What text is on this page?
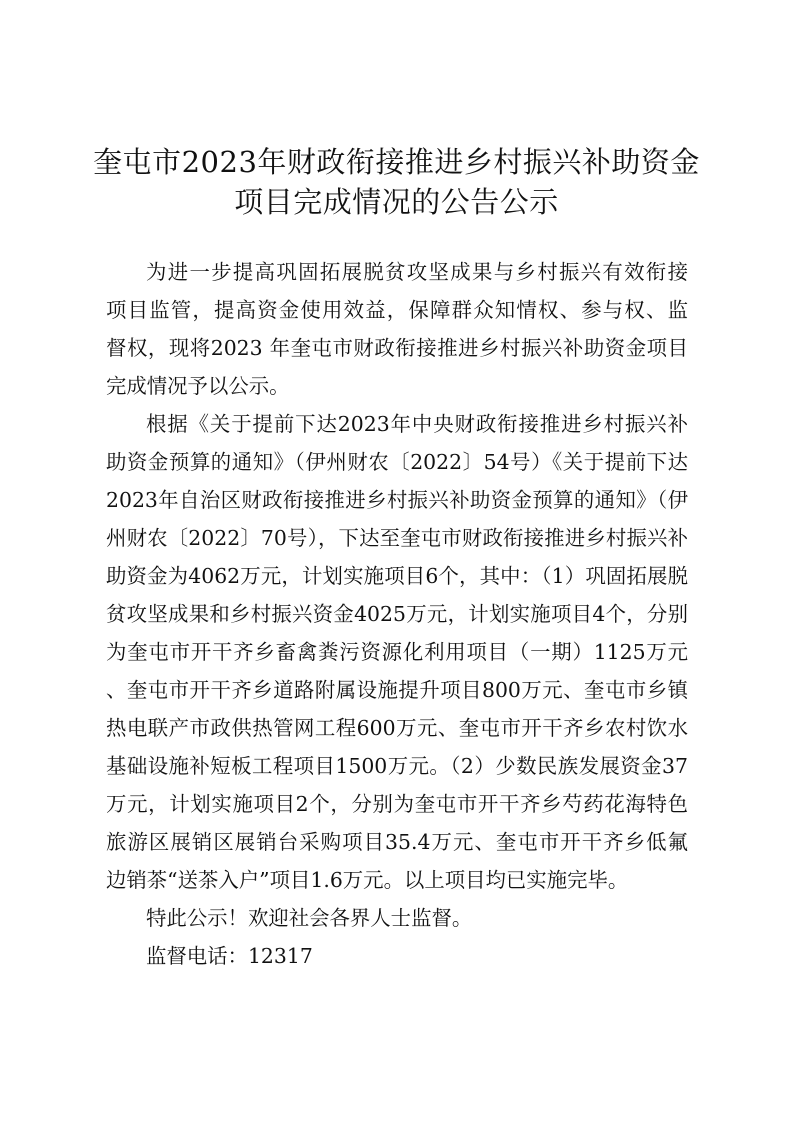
奎屯市2023年财政衔接推进乡村振兴补助资金
项目完成情况的公告公示
为进一步提高巩固拓展脱贫攻坚成果与乡村振兴有效衔接
项目监管，提高资金使用效益，保障群众知情权、参与权、监
督权，现将2023 年奎屯市财政衔接推进乡村振兴补助资金项目
完成情况予以公示。
根据《关于提前下达2023年中央财政衔接推进乡村振兴补
助资金预算的通知》（伊州财农〔2022〕54号）《关于提前下达
2023年自治区财政衔接推进乡村振兴补助资金预算的通知》（伊
州财农〔2022〕70号），下达至奎屯市财政衔接推进乡村振兴补
助资金为4062万元，计划实施项目6个，其中：（1）巩固拓展脱
贫攻坚成果和乡村振兴资金4025万元，计划实施项目4个，分别
为奎屯市开干齐乡畜禽粪污资源化利用项目（一期）1125万元
、奎屯市开干齐乡道路附属设施提升项目800万元、奎屯市乡镇
热电联产市政供热管网工程600万元、奎屯市开干齐乡农村饮水
基础设施补短板工程项目1500万元。（2）少数民族发展资金37
万元，计划实施项目2个，分别为奎屯市开干齐乡芍药花海特色
旅游区展销区展销台采购项目35.4万元、奎屯市开干齐乡低氟
边销茶“送茶入户”项目1.6万元。以上项目均已实施完毕。
特此公示！欢迎社会各界人士监督。
监督电话：12317
